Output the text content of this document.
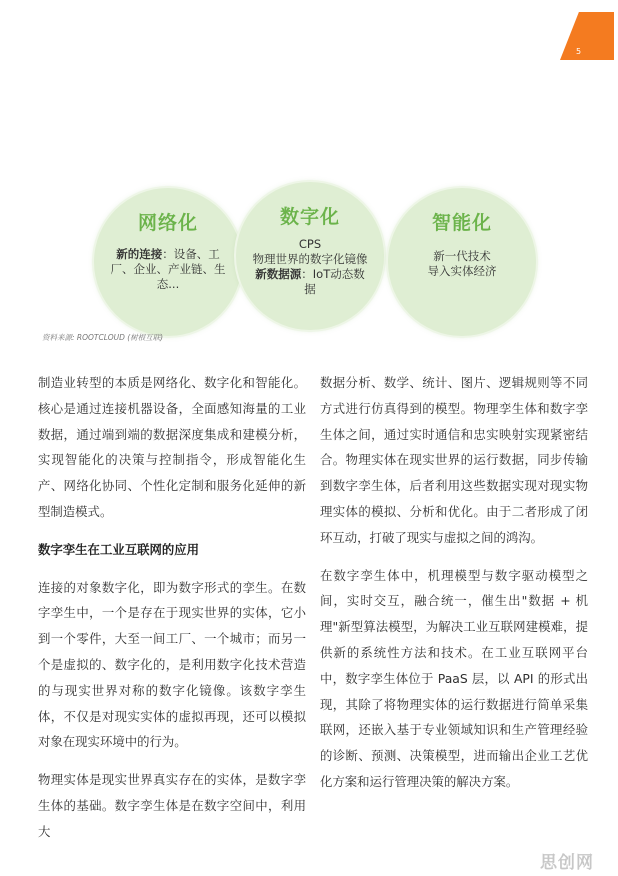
5
网络化
新的连接：设备、工厂、企业、产业链、生态...
数字化
CPS
物理世界的数字化镜像
新数据源：IoT动态数据
智能化
新一代技术
导入实体经济
资料来源: ROOTCLOUD (树根互联)

制造业转型的本质是网络化、数字化和智能化。核心是通过连接机器设备，全面感知海量的工业数据，通过端到端的数据深度集成和建模分析，实现智能化的决策与控制指令，形成智能化生产、网络化协同、个性化定制和服务化延伸的新型制造模式。

数字孪生在工业互联网的应用

连接的对象数字化，即为数字形式的孪生。在数字孪生中，一个是存在于现实世界的实体，它小到一个零件，大至一间工厂、一个城市；而另一个是虚拟的、数字化的，是利用数字化技术营造的与现实世界对称的数字化镜像。该数字孪生体，不仅是对现实实体的虚拟再现，还可以模拟对象在现实环境中的行为。

物理实体是现实世界真实存在的实体，是数字孪生体的基础。数字孪生体是在数字空间中，利用大

数据分析、数学、统计、图片、逻辑规则等不同方式进行仿真得到的模型。物理孪生体和数字孪生体之间，通过实时通信和忠实映射实现紧密结合。物理实体在现实世界的运行数据，同步传输到数字孪生体，后者利用这些数据实现对现实物理实体的模拟、分析和优化。由于二者形成了闭环互动，打破了现实与虚拟之间的鸿沟。

在数字孪生体中，机理模型与数字驱动模型之间，实时交互，融合统一，催生出"数据 + 机理"新型算法模型，为解决工业互联网建模难，提供新的系统性方法和技术。在工业互联网平台中，数字孪生体位于 PaaS 层，以 API 的形式出现，其除了将物理实体的运行数据进行简单采集联网，还嵌入基于专业领域知识和生产管理经验的诊断、预测、决策模型，进而输出企业工艺优化方案和运行管理决策的解决方案。

思创网
